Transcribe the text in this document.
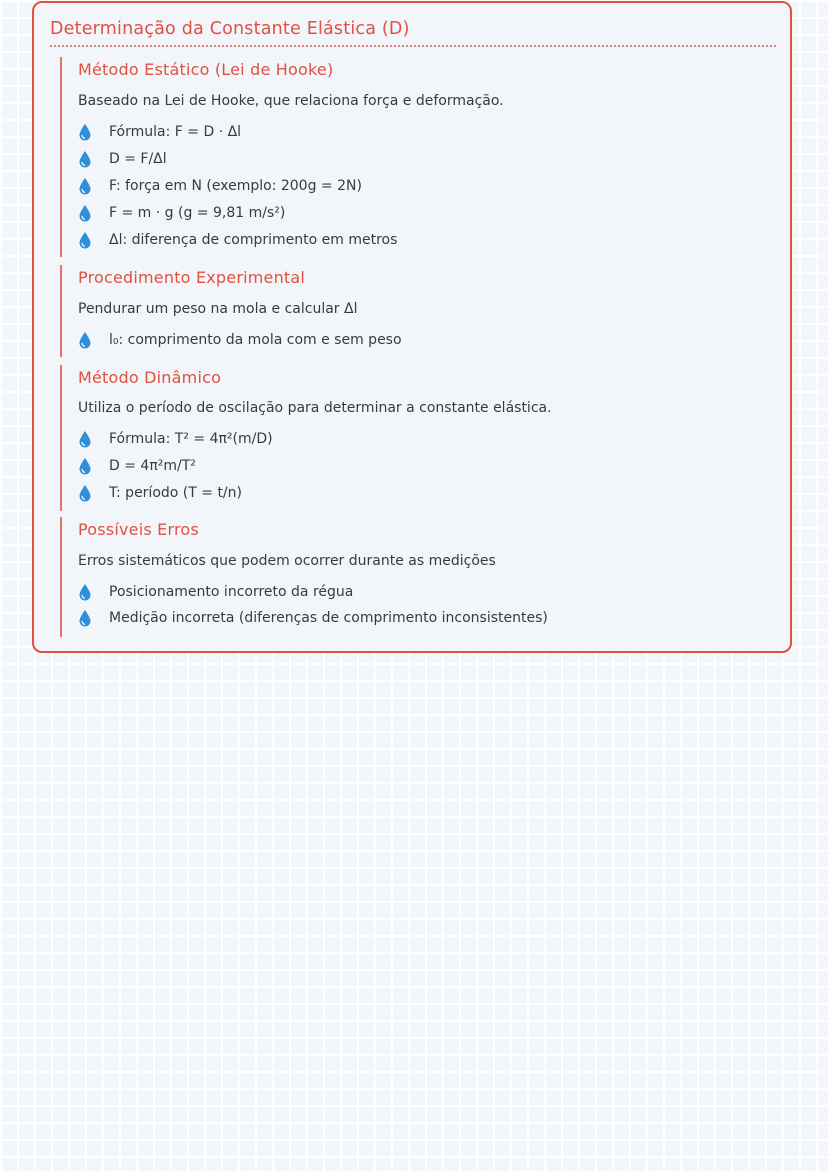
Determinação da Constante Elástica (D)
Método Estático (Lei de Hooke)

Baseado na Lei de Hooke, que relaciona força e deformação.

Fórmula: F = D · Δl
D = F/Δl
F: força em N (exemplo: 200g = 2N)
F = m · g (g = 9,81 m/s²)
Δl: diferença de comprimento em metros
Procedimento Experimental

Pendurar um peso na mola e calcular Δl

l₀: comprimento da mola com e sem peso
Método Dinâmico

Utiliza o período de oscilação para determinar a constante elástica.

Fórmula: T² = 4π²(m/D)
D = 4π²m/T²
T: período (T = t/n)
Possíveis Erros

Erros sistemáticos que podem ocorrer durante as medições

Posicionamento incorreto da régua
Medição incorreta (diferenças de comprimento inconsistentes)
